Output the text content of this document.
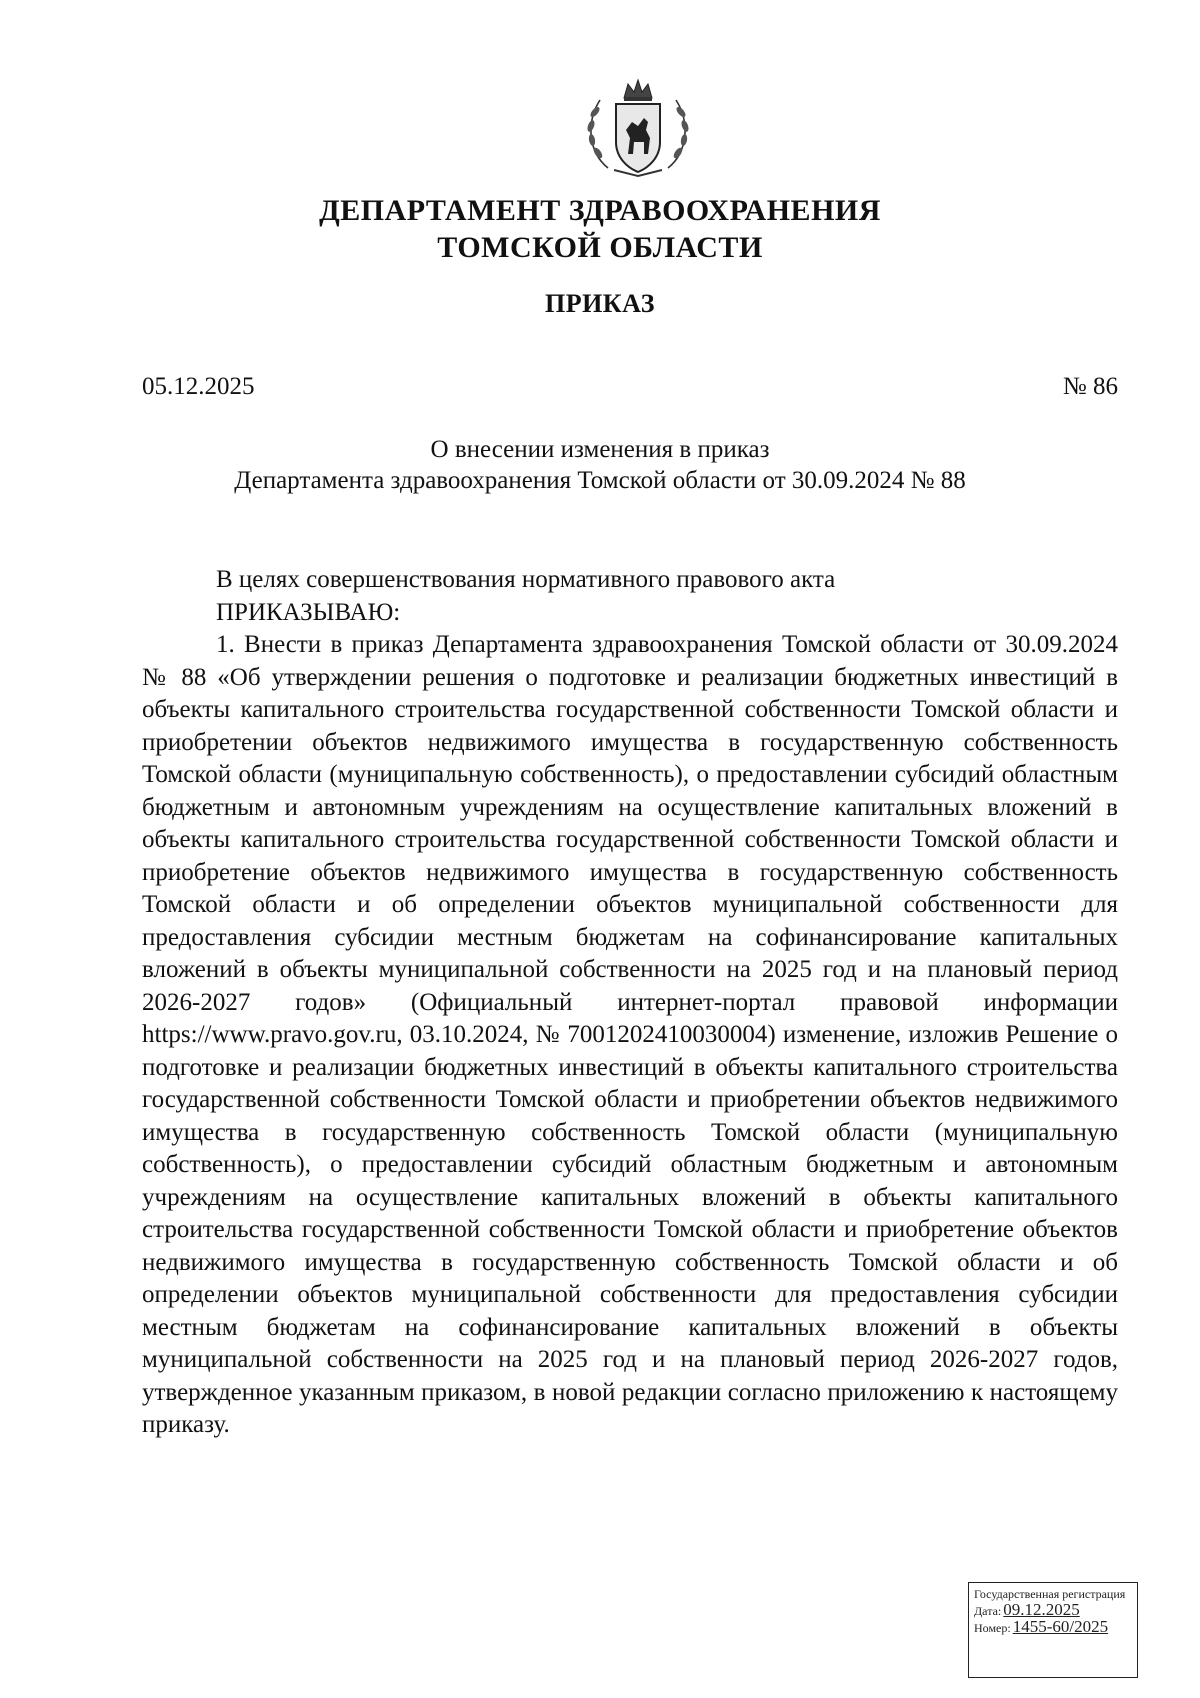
ДЕПАРТАМЕНТ ЗДРАВООХРАНЕНИЯ
ТОМСКОЙ ОБЛАСТИ
ПРИКАЗ
05.12.2025	№ 86
О внесении изменения в приказ
Департамента здравоохранения Томской области от 30.09.2024 № 88

В целях совершенствования нормативного правового акта

ПРИКАЗЫВАЮ:

1. Внести в приказ Департамента здравоохранения Томской области от 30.09.2024 № 88 «Об утверждении решения о подготовке и реализации бюджетных инвестиций в объекты капитального строительства государственной собственности Томской области и приобретении объектов недвижимого имущества в государственную собственность Томской области (муниципальную собственность), о предоставлении субсидий областным бюджетным и автономным учреждениям на осуществление капитальных вложений в объекты капитального строительства государственной собственности Томской области и приобретение объектов недвижимого имущества в государственную собственность Томской области и об определении объектов муниципальной собственности для предоставления субсидии местным бюджетам на софинансирование капитальных вложений в объекты муниципальной собственности на 2025 год и на плановый период 2026-2027 годов» (Официальный интернет-портал правовой информации https://www.pravo.gov.ru, 03.10.2024, № 7001202410030004) изменение, изложив Решение о подготовке и реализации бюджетных инвестиций в объекты капитального строительства государственной собственности Томской области и приобретении объектов недвижимого имущества в государственную собственность Томской области (муниципальную собственность), о предоставлении субсидий областным бюджетным и автономным учреждениям на осуществление капитальных вложений в объекты капитального строительства государственной собственности Томской области и приобретение объектов недвижимого имущества в государственную собственность Томской области и об определении объектов муниципальной собственности для предоставления субсидии местным бюджетам на софинансирование капитальных вложений в объекты муниципальной собственности на 2025 год и на плановый период 2026-2027 годов, утвержденное указанным приказом, в новой редакции согласно приложению к настоящему приказу.

Государственная регистрация
Дата: 09.12.2025
Номер: 1455-60/2025
